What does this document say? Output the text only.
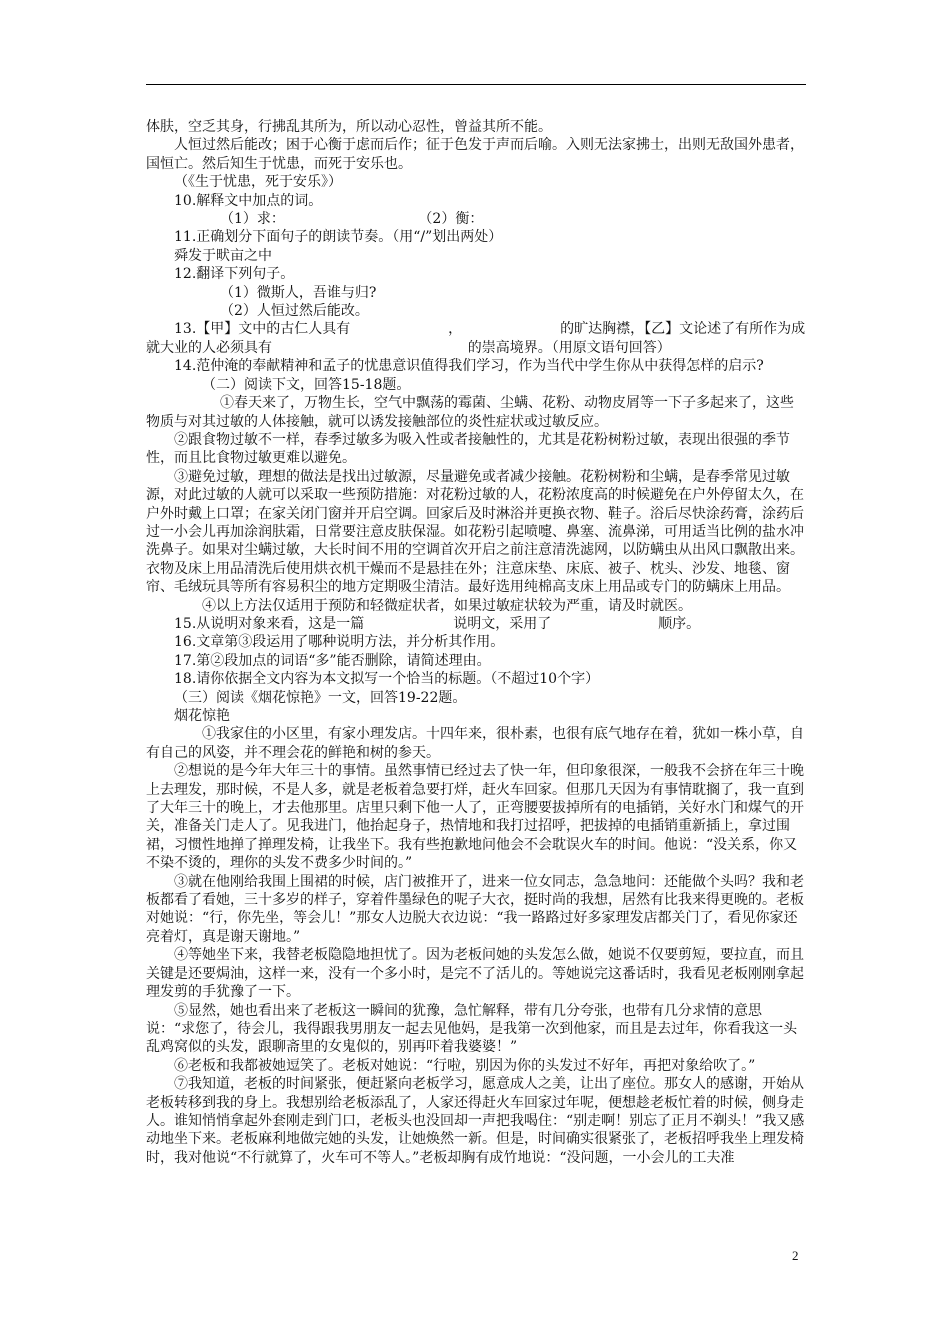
体肤，空乏其身，行拂乱其所为，所以动心忍性，曾益其所不能。

人恒过然后能改；困于心衡于虑而后作；征于色发于声而后喻。入则无法家拂士，出则无敌国外患者，国恒亡。然后知生于忧患，而死于安乐也。

（《生于忧患，死于安乐》）

10.解释文中加点的词。

（1）求：                              （2）衡：

11.正确划分下面句子的朗读节奏。（用“/”划出两处）

舜发于畎亩之中

12.翻译下列句子。

（1）微斯人，吾谁与归?

（2）人恒过然后能改。

13.【甲】文中的古仁人具有                      ，                      的旷达胸襟，【乙】文论述了有所作为成就大业的人必须具有                                            的崇高境界。（用原文语句回答）

14.范仲淹的奉献精神和孟子的忧患意识值得我们学习，作为当代中学生你从中获得怎样的启示?

（二）阅读下文，回答15-18题。

①春天来了，万物生长，空气中飘荡的霉菌、尘螨、花粉、动物皮屑等一下子多起来了，这些物质与对其过敏的人体接触，就可以诱发接触部位的炎性症状或过敏反应。

②跟食物过敏不一样，春季过敏多为吸入性或者接触性的，尤其是花粉树粉过敏，表现出很强的季节性，而且比食物过敏更难以避免。

③避免过敏，理想的做法是找出过敏源，尽量避免或者减少接触。花粉树粉和尘螨，是春季常见过敏源，对此过敏的人就可以采取一些预防措施：对花粉过敏的人，花粉浓度高的时候避免在户外停留太久，在户外时戴上口罩；在家关闭门窗并开启空调。回家后及时淋浴并更换衣物、鞋子。浴后尽快涂药膏，涂药后过一小会儿再加涂润肤霜，日常要注意皮肤保湿。如花粉引起喷嚏、鼻塞、流鼻涕，可用适当比例的盐水冲洗鼻子。如果对尘螨过敏，大长时间不用的空调首次开启之前注意清洗滤网，以防螨虫从出风口飘散出来。衣物及床上用品清洗后使用烘衣机干燥而不是悬挂在外；注意床垫、床底、被子、枕头、沙发、地毯、窗帘、毛绒玩具等所有容易积尘的地方定期吸尘清洁。最好选用纯棉高支床上用品或专门的防螨床上用品。

④以上方法仅适用于预防和轻微症状者，如果过敏症状较为严重，请及时就医。

15.从说明对象来看，这是一篇                    说明文，采用了                        顺序。

16.文章第③段运用了哪种说明方法，并分析其作用。

17.第②段加点的词语“多”能否删除，请简述理由。

18.请你依据全文内容为本文拟写一个恰当的标题。（不超过10个字）

（三）阅读《烟花惊艳》一文，回答19-22题。

烟花惊艳

①我家住的小区里，有家小理发店。十四年来，很朴素，也很有底气地存在着，犹如一株小草，自有自己的风姿，并不理会花的鲜艳和树的参天。

②想说的是今年大年三十的事情。虽然事情已经过去了快一年，但印象很深，一般我不会挤在年三十晚上去理发，那时候，不是人多，就是老板着急要打烊，赶火车回家。但那几天因为有事情耽搁了，我一直到了大年三十的晚上，才去他那里。店里只剩下他一人了，正弯腰要拔掉所有的电插销，关好水门和煤气的开关，准备关门走人了。见我进门，他抬起身子，热情地和我打过招呼，把拔掉的电插销重新插上，拿过围裙，习惯性地掸了掸理发椅，让我坐下。我有些抱歉地问他会不会耽误火车的时间。他说：“没关系，你又不染不烫的，理你的头发不费多少时间的。”

③就在他刚给我围上围裙的时候，店门被推开了，进来一位女同志，急急地问：还能做个头吗？我和老板都看了看她，三十多岁的样子，穿着件墨绿色的呢子大衣，挺时尚的我想，居然有比我来得更晚的。老板对她说：“行，你先坐，等会儿！”那女人边脱大衣边说：“我一路路过好多家理发店都关门了，看见你家还亮着灯，真是谢天谢地。”

④等她坐下来，我替老板隐隐地担忧了。因为老板问她的头发怎么做，她说不仅要剪短，要拉直，而且关键是还要焗油，这样一来，没有一个多小时，是完不了活儿的。等她说完这番话时，我看见老板刚刚拿起理发剪的手犹豫了一下。

⑤显然，她也看出来了老板这一瞬间的犹豫，急忙解释，带有几分夸张，也带有几分求情的意思说：“求您了，待会儿，我得跟我男朋友一起去见他妈，是我第一次到他家，而且是去过年，你看我这一头乱鸡窝似的头发，跟聊斋里的女鬼似的，别再吓着我婆婆！”

⑥老板和我都被她逗笑了。老板对她说：“行啦，别因为你的头发过不好年，再把对象给吹了。”

⑦我知道，老板的时间紧张，便赶紧向老板学习，愿意成人之美，让出了座位。那女人的感谢，开始从老板转移到我的身上。我想别给老板添乱了，人家还得赶火车回家过年呢，便想趁老板忙着的时候，侧身走人。谁知悄悄拿起外套刚走到门口，老板头也没回却一声把我喝住：“别走啊！别忘了正月不剃头！”我又感动地坐下来。老板麻利地做完她的头发，让她焕然一新。但是，时间确实很紧张了，老板招呼我坐上理发椅时，我对他说“不行就算了，火车可不等人。”老板却胸有成竹地说：“没问题，一小会儿的工夫准

2
